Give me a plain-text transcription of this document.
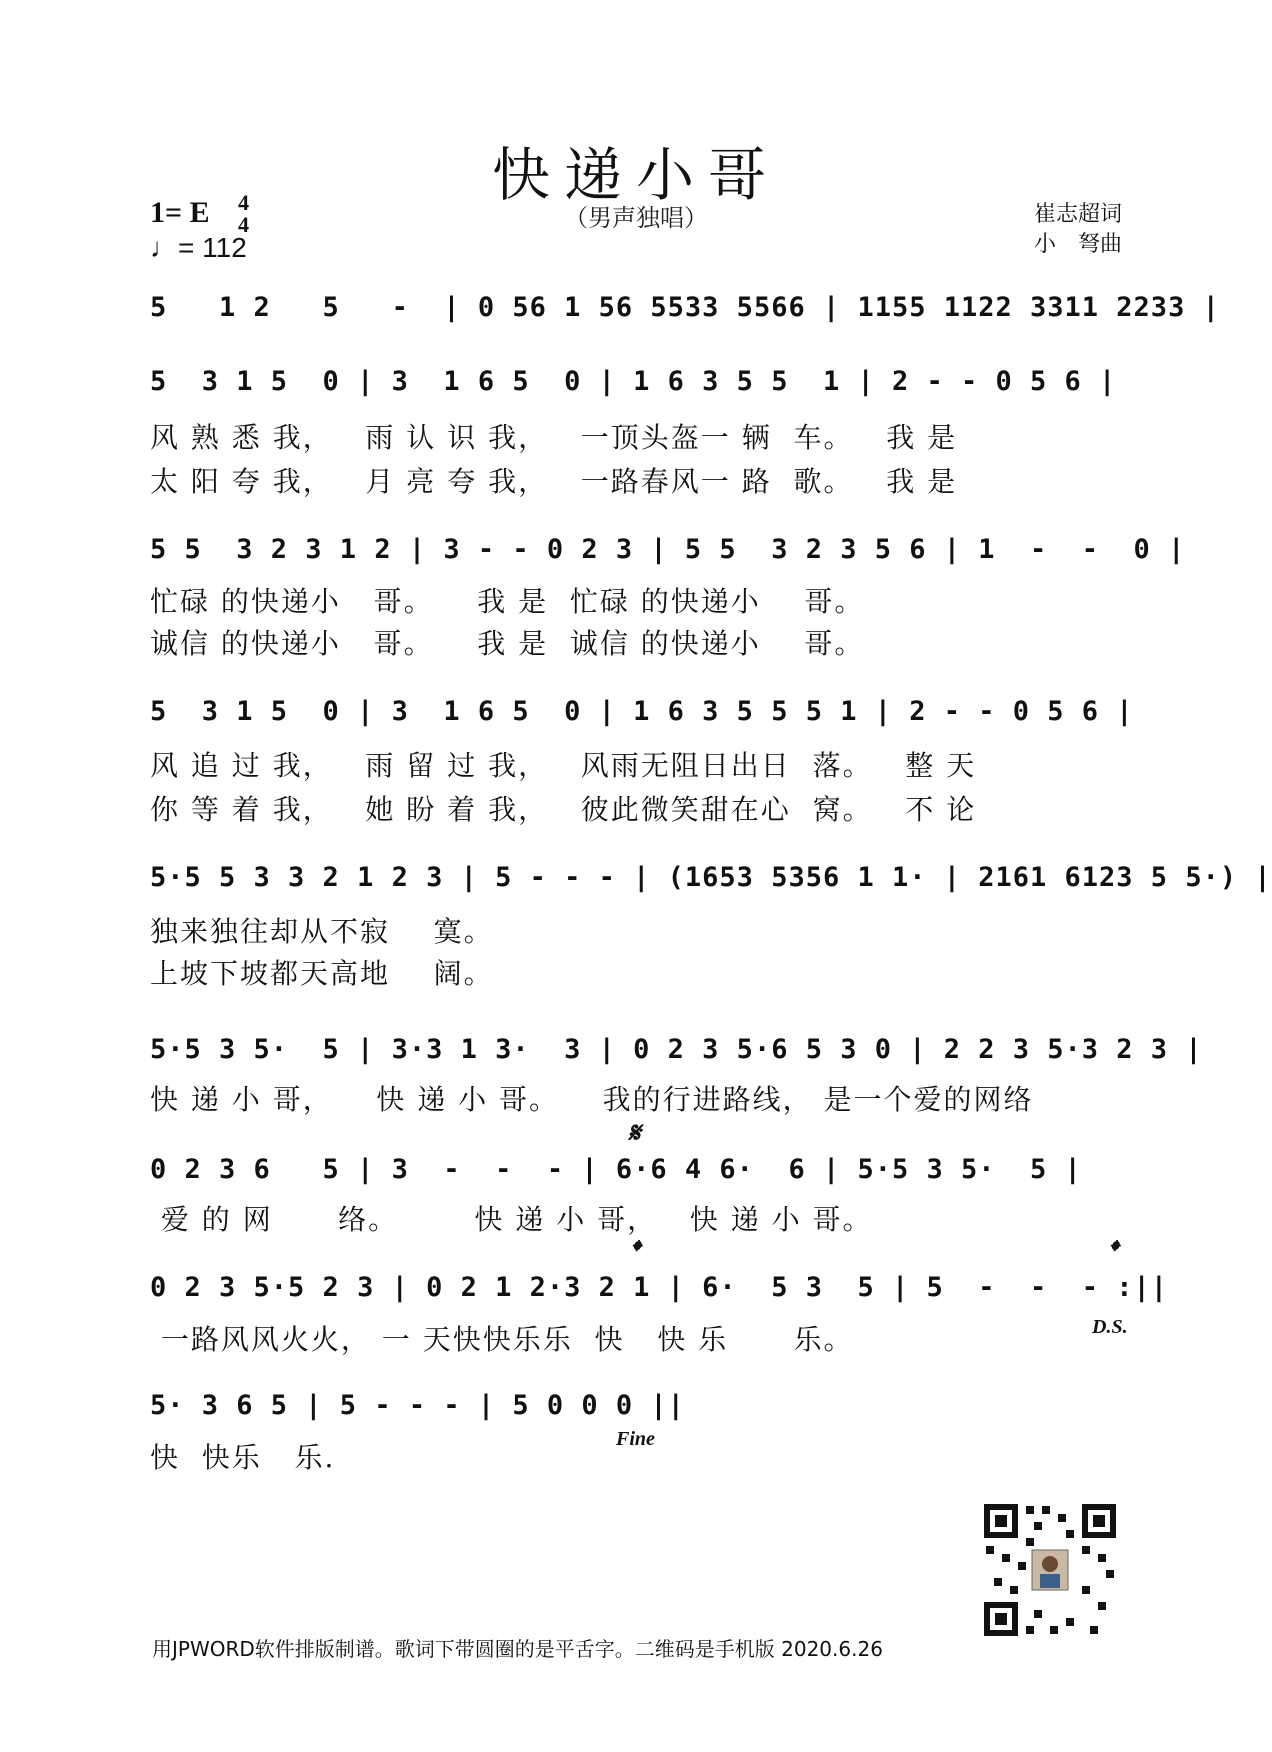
快递小哥
（男声独唱）
1= E 4
4
♩= 112
崔志超词
小　弩曲
5   1 2   5   -  | 0 56 1 56 5533 5566 | 1155 1122 3311 2233 |
5  3 1 5  0 | 3  1 6 5  0 | 1 6 3 5 5  1 | 2 - - 0 5 6 |
风 熟 悉 我，   雨 认 识 我，   一顶头盔一 辆  车。   我 是
太 阳 夸 我，   月 亮 夸 我，   一路春风一 路  歌。   我 是
5 5  3 2 3 1 2 | 3 - - 0 2 3 | 5 5  3 2 3 5 6 | 1  -  -  0 |
忙碌 的快递小   哥。    我 是  忙碌 的快递小    哥。
诚信 的快递小   哥。    我 是  诚信 的快递小    哥。
5  3 1 5  0 | 3  1 6 5  0 | 1 6 3 5 5 5 1 | 2 - - 0 5 6 |
风 追 过 我，   雨 留 过 我，   风雨无阻日出日  落。   整 天
你 等 着 我，   她 盼 着 我，   彼此微笑甜在心  窝。   不 论
5·5 5 3 3 2 1 2 3 | 5 - - - | (1653 5356 1 1· | 2161 6123 5 5·) |
独来独往却从不寂    寞。
上坡下坡都天高地    阔。
5·5 3 5·  5 | 3·3 1 3·  3 | 0 2 3 5·6 5 3 0 | 2 2 3 5·3 2 3 |
快 递 小 哥，    快 递 小 哥。    我的行进路线， 是一个爱的网络
𝄋
0 2 3 6   5 | 3  -  -  - | 6·6 4 6·  6 | 5·5 3 5·  5 |
爱 的 网      络。       快 递 小 哥，   快 递 小 哥。
𝄌	𝄌
0 2 3 5·5 2 3 | 0 2 1 2·3 2 1 | 6·  5 3  5 | 5  -  -  - :||
一路风风火火， 一 天快快乐乐  快   快 乐      乐。	D.S.
5· 3 6 5 | 5 - - - | 5 0 0 0 ||
快  快乐   乐.
Fine
用JPWORD软件排版制谱。歌词下带圆圈的是平舌字。二维码是手机版 2020.6.26
